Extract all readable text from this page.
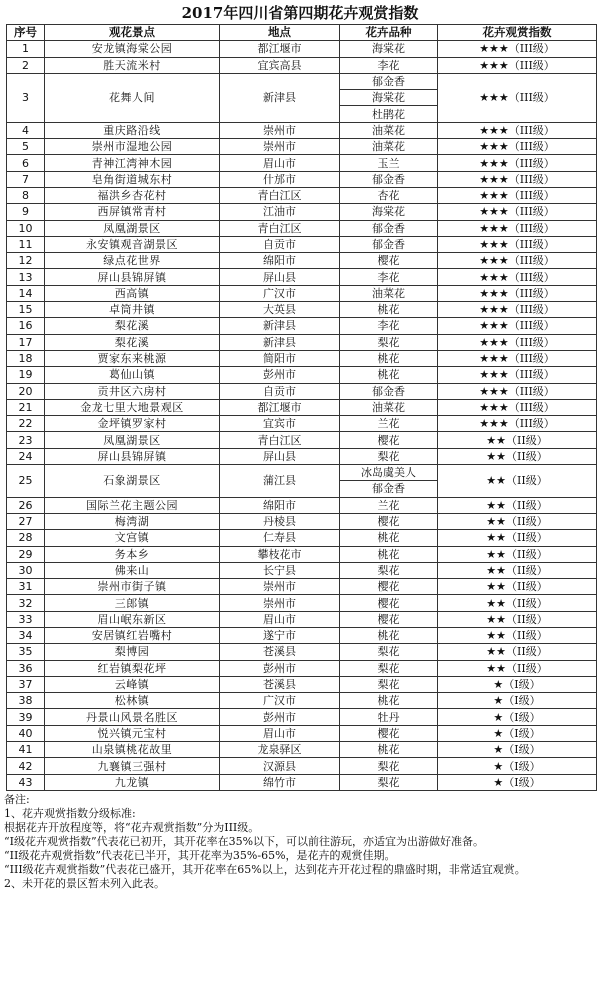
2017年四川省第四期花卉观赏指数
序号	观花景点	地点	花卉品种	花卉观赏指数
1	安龙镇海棠公园	都江堰市	海棠花	★★★（III级）
2	胜天流米村	宜宾高县	李花	★★★（III级）
3	花舞人间	新津县	郁金香	★★★（III级）
			海棠花	
			杜鹃花	
4	重庆路沿线	崇州市	油菜花	★★★（III级）
5	崇州市湿地公园	崇州市	油菜花	★★★（III级）
6	青神江湾神木园	眉山市	玉兰	★★★（III级）
7	皂角街道城东村	什邡市	郁金香	★★★（III级）
8	福洪乡杏花村	青白江区	杏花	★★★（III级）
9	西屏镇常青村	江油市	海棠花	★★★（III级）
10	凤凰湖景区	青白江区	郁金香	★★★（III级）
11	永安镇观音湖景区	自贡市	郁金香	★★★（III级）
12	绿点花世界	绵阳市	樱花	★★★（III级）
13	屏山县锦屏镇	屏山县	李花	★★★（III级）
14	西高镇	广汉市	油菜花	★★★（III级）
15	卓筒井镇	大英县	桃花	★★★（III级）
16	梨花溪	新津县	李花	★★★（III级）
17	梨花溪	新津县	梨花	★★★（III级）
18	贾家东来桃源	简阳市	桃花	★★★（III级）
19	葛仙山镇	彭州市	桃花	★★★（III级）
20	贡井区六房村	自贡市	郁金香	★★★（III级）
21	金龙七里大地景观区	都江堰市	油菜花	★★★（III级）
22	金坪镇罗家村	宜宾市	兰花	★★★（III级）
23	凤凰湖景区	青白江区	樱花	★★（II级）
24	屏山县锦屏镇	屏山县	梨花	★★（II级）
25	石象湖景区	蒲江县	冰岛虞美人	★★（II级）
			郁金香	
26	国际兰花主题公园	绵阳市	兰花	★★（II级）
27	梅湾湖	丹棱县	樱花	★★（II级）
28	文宫镇	仁寿县	桃花	★★（II级）
29	务本乡	攀枝花市	桃花	★★（II级）
30	佛来山	长宁县	梨花	★★（II级）
31	崇州市街子镇	崇州市	樱花	★★（II级）
32	三郎镇	崇州市	樱花	★★（II级）
33	眉山岷东新区	眉山市	樱花	★★（II级）
34	安居镇红岩嘴村	遂宁市	桃花	★★（II级）
35	梨博园	苍溪县	梨花	★★（II级）
36	红岩镇梨花坪	彭州市	梨花	★★（II级）
37	云峰镇	苍溪县	梨花	★（I级）
38	松林镇	广汉市	桃花	★（I级）
39	丹景山风景名胜区	彭州市	牡丹	★（I级）
40	悦兴镇元宝村	眉山市	樱花	★（I级）
41	山泉镇桃花故里	龙泉驿区	桃花	★（I级）
42	九襄镇三强村	汉源县	梨花	★（I级）
43	九龙镇	绵竹市	梨花	★（I级）

备注:

1、花卉观赏指数分级标准:

根据花卉开放程度等，将“花卉观赏指数”分为III级。

“I级花卉观赏指数”代表花已初开，其开花率在35%以下，可以前往游玩，亦适宜为出游做好准备。

“II级花卉观赏指数”代表花已半开，其开花率为35%-65%，是花卉的观赏佳期。

“III级花卉观赏指数”代表花已盛开，其开花率在65%以上，达到花卉开花过程的鼎盛时期，非常适宜观赏。

2、未开花的景区暂未列入此表。
